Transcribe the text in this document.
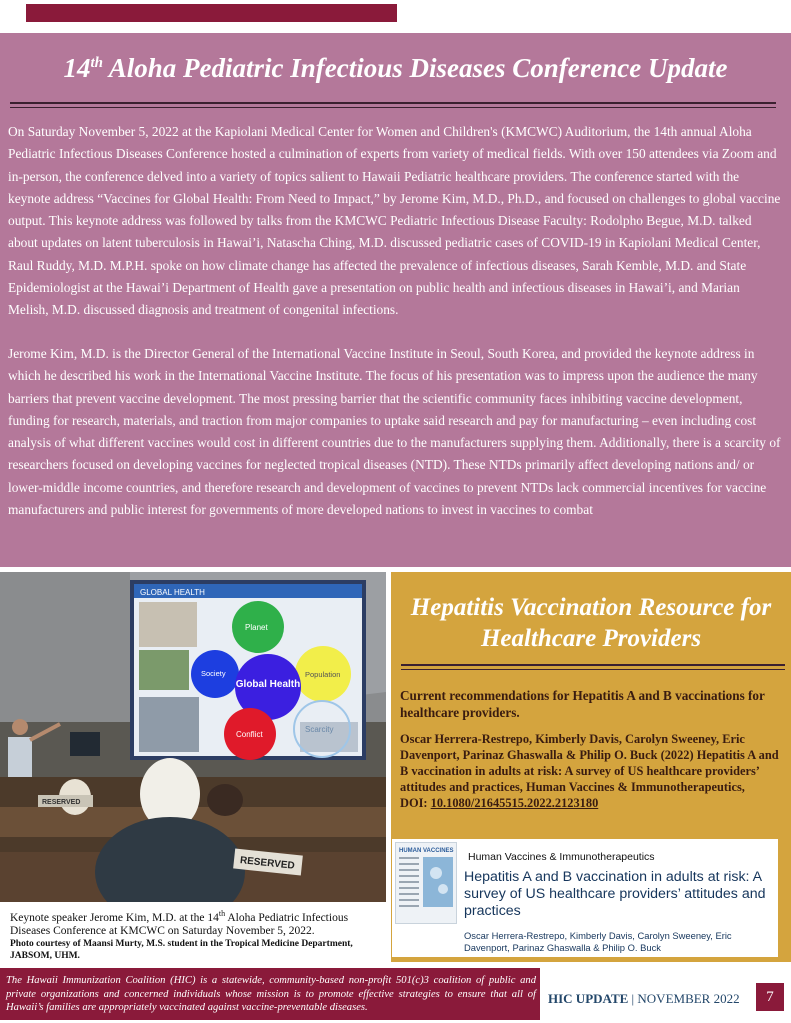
14th Aloha Pediatric Infectious Diseases Conference Update

On Saturday November 5, 2022 at the Kapiolani Medical Center for Women and Children's (KMCWC) Auditorium, the 14th annual Aloha Pediatric Infectious Diseases Conference hosted a culmination of experts from variety of medical fields. With over 150 attendees via Zoom and in-person, the conference delved into a variety of topics salient to Hawaii Pediatric healthcare providers. The conference started with the keynote address “Vaccines for Global Health: From Need to Impact,” by Jerome Kim, M.D., Ph.D., and focused on challenges to global vaccine output. This keynote address was followed by talks from the KMCWC Pediatric Infectious Disease Faculty: Rodolpho Begue, M.D. talked about updates on latent tuberculosis in Hawai’i, Natascha Ching, M.D. discussed pediatric cases of COVID-19 in Kapiolani Medical Center, Raul Ruddy, M.D. M.P.H. spoke on how climate change has affected the prevalence of infectious diseases, Sarah Kemble, M.D. and State Epidemiologist at the Hawai’i Department of Health gave a presentation on public health and infectious diseases in Hawai’i, and Marian Melish, M.D. discussed diagnosis and treatment of congenital infections.

Jerome Kim, M.D. is the Director General of the International Vaccine Institute in Seoul, South Korea, and provided the keynote address in which he described his work in the International Vaccine Institute. The focus of his presentation was to impress upon the audience the many barriers that prevent vaccine development. The most pressing barrier that the scientific community faces inhibiting vaccine development, funding for research, materials, and traction from major companies to uptake said research and pay for manufacturing – even including cost analysis of what different vaccines would cost in different countries due to the manufacturers supplying them. Additionally, there is a scarcity of researchers focused on developing vaccines for neglected tropical diseases (NTD). These NTDs primarily affect developing nations and/ or lower-middle income countries, and therefore research and development of vaccines to prevent NTDs lack commercial incentives for vaccine manufacturers and public interest for governments of more developed nations to invest in vaccines to combat

GLOBAL HEALTH
Planet
Society	Population
Global Health
Conflict
Scarcity
RESERVED
RESERVED
Keynote speaker Jerome Kim, M.D. at the 14th Aloha Pediatric Infectious Diseases Conference at KMCWC on Saturday November 5, 2022.
Photo courtesy of Maansi Murty, M.S. student in the Tropical Medicine Department, JABSOM, UHM.
Hepatitis Vaccination Resource for Healthcare Providers
Current recommendations for Hepatitis A and B vaccinations for healthcare providers.
Oscar Herrera-Restrepo, Kimberly Davis, Carolyn Sweeney, Eric Davenport, Parinaz Ghaswalla & Philip O. Buck (2022) Hepatitis A and B vaccination in adults at risk: A survey of US healthcare providers’ attitudes and practices, Human Vaccines & Immunotherapeutics,
DOI: 10.1080/21645515.2022.2123180
HUMAN VACCINES Human Vaccines & Immunotherapeutics
Hepatitis A and B vaccination in adults at risk: A survey of US healthcare providers’ attitudes and practices
Oscar Herrera-Restrepo, Kimberly Davis, Carolyn Sweeney, Eric Davenport, Parinaz Ghaswalla & Philip O. Buck
The Hawaii Immunization Coalition (HIC) is a statewide, community-based non-profit 501(c)3 coalition of public and private organizations and concerned individuals whose mission is to promote effective strategies to ensure that all of Hawaii’s families are appropriately vaccinated against vaccine-preventable diseases.
HIC UPDATE | NOVEMBER 2022	7
